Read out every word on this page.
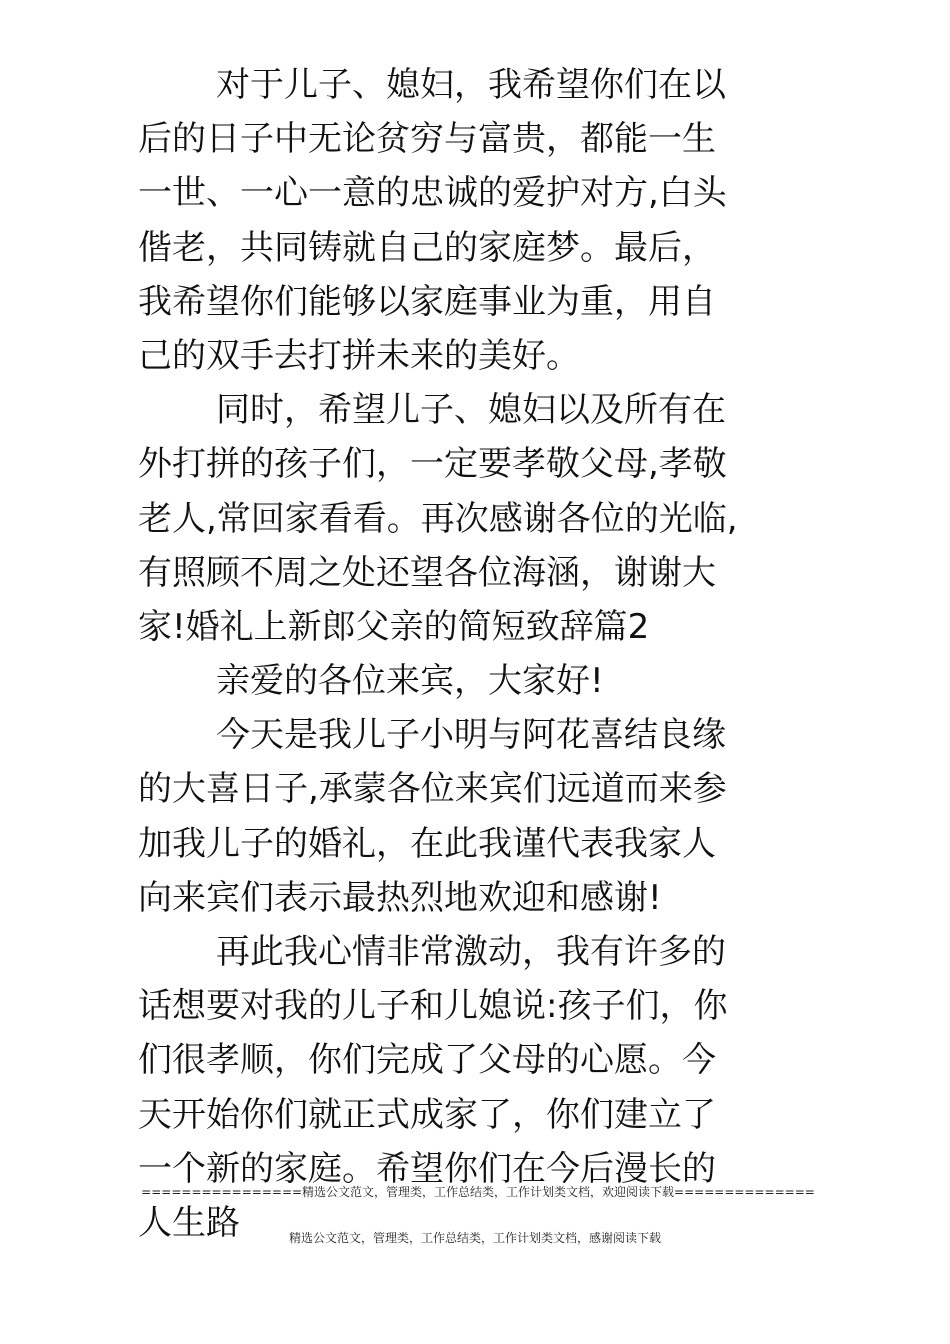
对于儿子、媳妇，我希望你们在以
后的日子中无论贫穷与富贵，都能一生
一世、一心一意的忠诚的爱护对方,白头
偕老，共同铸就自己的家庭梦。最后，
我希望你们能够以家庭事业为重，用自
己的双手去打拼未来的美好。
同时，希望儿子、媳妇以及所有在
外打拼的孩子们，一定要孝敬父母,孝敬
老人,常回家看看。再次感谢各位的光临,
有照顾不周之处还望各位海涵，谢谢大
家!婚礼上新郎父亲的简短致辞篇2
亲爱的各位来宾，大家好!
今天是我儿子小明与阿花喜结良缘
的大喜日子,承蒙各位来宾们远道而来参
加我儿子的婚礼，在此我谨代表我家人
向来宾们表示最热烈地欢迎和感谢!
再此我心情非常激动，我有许多的
话想要对我的儿子和儿媳说:孩子们，你
们很孝顺，你们完成了父母的心愿。今
天开始你们就正式成家了，你们建立了
一个新的家庭。希望你们在今后漫长的
人生路
================精选公文范文，管理类，工作总结类，工作计划类文档，欢迎阅读下载==============
精选公文范文，管理类，工作总结类，工作计划类文档，感谢阅读下载
